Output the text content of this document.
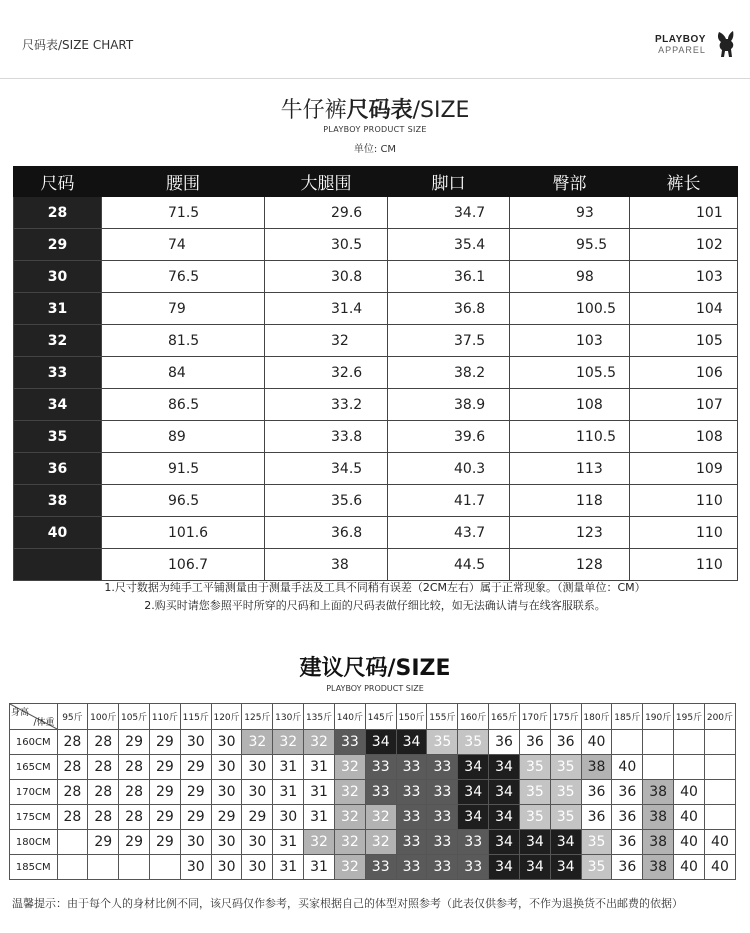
尺码表/SIZE CHART	PLAYBOY
APPAREL
牛仔裤尺码表/SIZE
PLAYBOY PRODUCT SIZE
单位: CM
尺码	腰围	大腿围	脚口	臀部	裤长
28	71.5	29.6	34.7	93	101
29	74	30.5	35.4	95.5	102
30	76.5	30.8	36.1	98	103
31	79	31.4	36.8	100.5	104
32	81.5	32	37.5	103	105
33	84	32.6	38.2	105.5	106
34	86.5	33.2	38.9	108	107
35	89	33.8	39.6	110.5	108
36	91.5	34.5	40.3	113	109
38	96.5	35.6	41.7	118	110
40	101.6	36.8	43.7	123	110
	106.7	38	44.5	128	110
1.尺寸数据为纯手工平铺测量由于测量手法及工具不同稍有误差（2CM左右）属于正常现象。（测量单位：CM）
2.购买时请您参照平时所穿的尺码和上面的尺码表做仔细比较，如无法确认请与在线客服联系。
建议尺码/SIZE
PLAYBOY PRODUCT SIZE
身高
/体重	95斤	100斤	105斤	110斤	115斤	120斤	125斤	130斤	135斤	140斤	145斤	150斤	155斤	160斤	165斤	170斤	175斤	180斤	185斤	190斤	195斤	200斤
160CM	28	28	29	29	30	30	32	32	32	33	34	34	35	35	36	36	36	40				
165CM	28	28	28	29	29	30	30	31	31	32	33	33	33	34	34	35	35	38	40			
170CM	28	28	28	29	29	30	30	31	31	32	33	33	33	34	34	35	35	36	36	38	40	
175CM	28	28	28	29	29	29	29	30	31	32	32	33	33	34	34	35	35	36	36	38	40	
180CM		29	29	29	30	30	30	31	32	32	32	33	33	33	34	34	34	35	36	38	40	40
185CM					30	30	30	31	31	32	33	33	33	33	34	34	34	35	36	38	40	40
温馨提示：由于每个人的身材比例不同，该尺码仅作参考，买家根据自己的体型对照参考（此表仅供参考，不作为退换货不出邮费的依据）
